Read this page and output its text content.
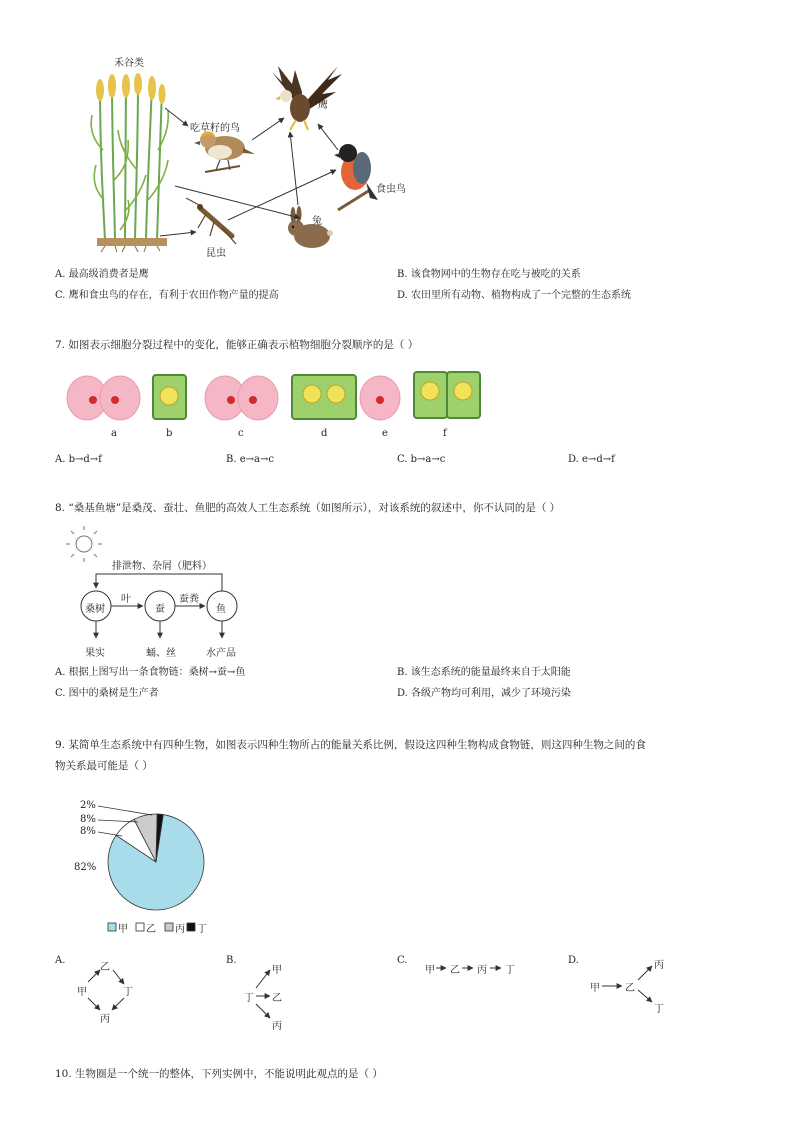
禾谷类
吃草籽的鸟
鹰
食虫鸟
兔
昆虫
A. 最高级消费者是鹰	B. 该食物网中的生物存在吃与被吃的关系
C. 鹰和食虫鸟的存在，有利于农田作物产量的提高	D. 农田里所有动物、植物构成了一个完整的生态系统
7. 如图表示细胞分裂过程中的变化，能够正确表示植物细胞分裂顺序的是（ ）
a	b	c	d	e	f
A. b→d→f	B. e→a→c	C. b→a→c	D. e→d→f
8. “桑基鱼塘”是桑茂、蚕壮、鱼肥的高效人工生态系统（如图所示），对该系统的叙述中，你不认同的是（ ）
排泄物、杂屑（肥料）
桑树	蚕	鱼
叶	蚕粪
果实	蛹、丝	水产品
A. 根据上图写出一条食物链：桑树→蚕→鱼	B. 该生态系统的能量最终来自于太阳能
C. 图中的桑树是生产者	D. 各级产物均可利用，减少了环境污染
9. 某简单生态系统中有四种生物，如图表示四种生物所占的能量关系比例，假设这四种生物构成食物链，则这四种生物之间的食
物关系最可能是（ ）
2%
8%
8%
82%
甲 乙 丙 丁
A.
乙
甲	丁
丙
B.
甲
丁 乙
丙
C.
甲 乙 丙 丁
D.	丙
甲	乙
丁
10. 生物圈是一个统一的整体，下列实例中，不能说明此观点的是（ ）
